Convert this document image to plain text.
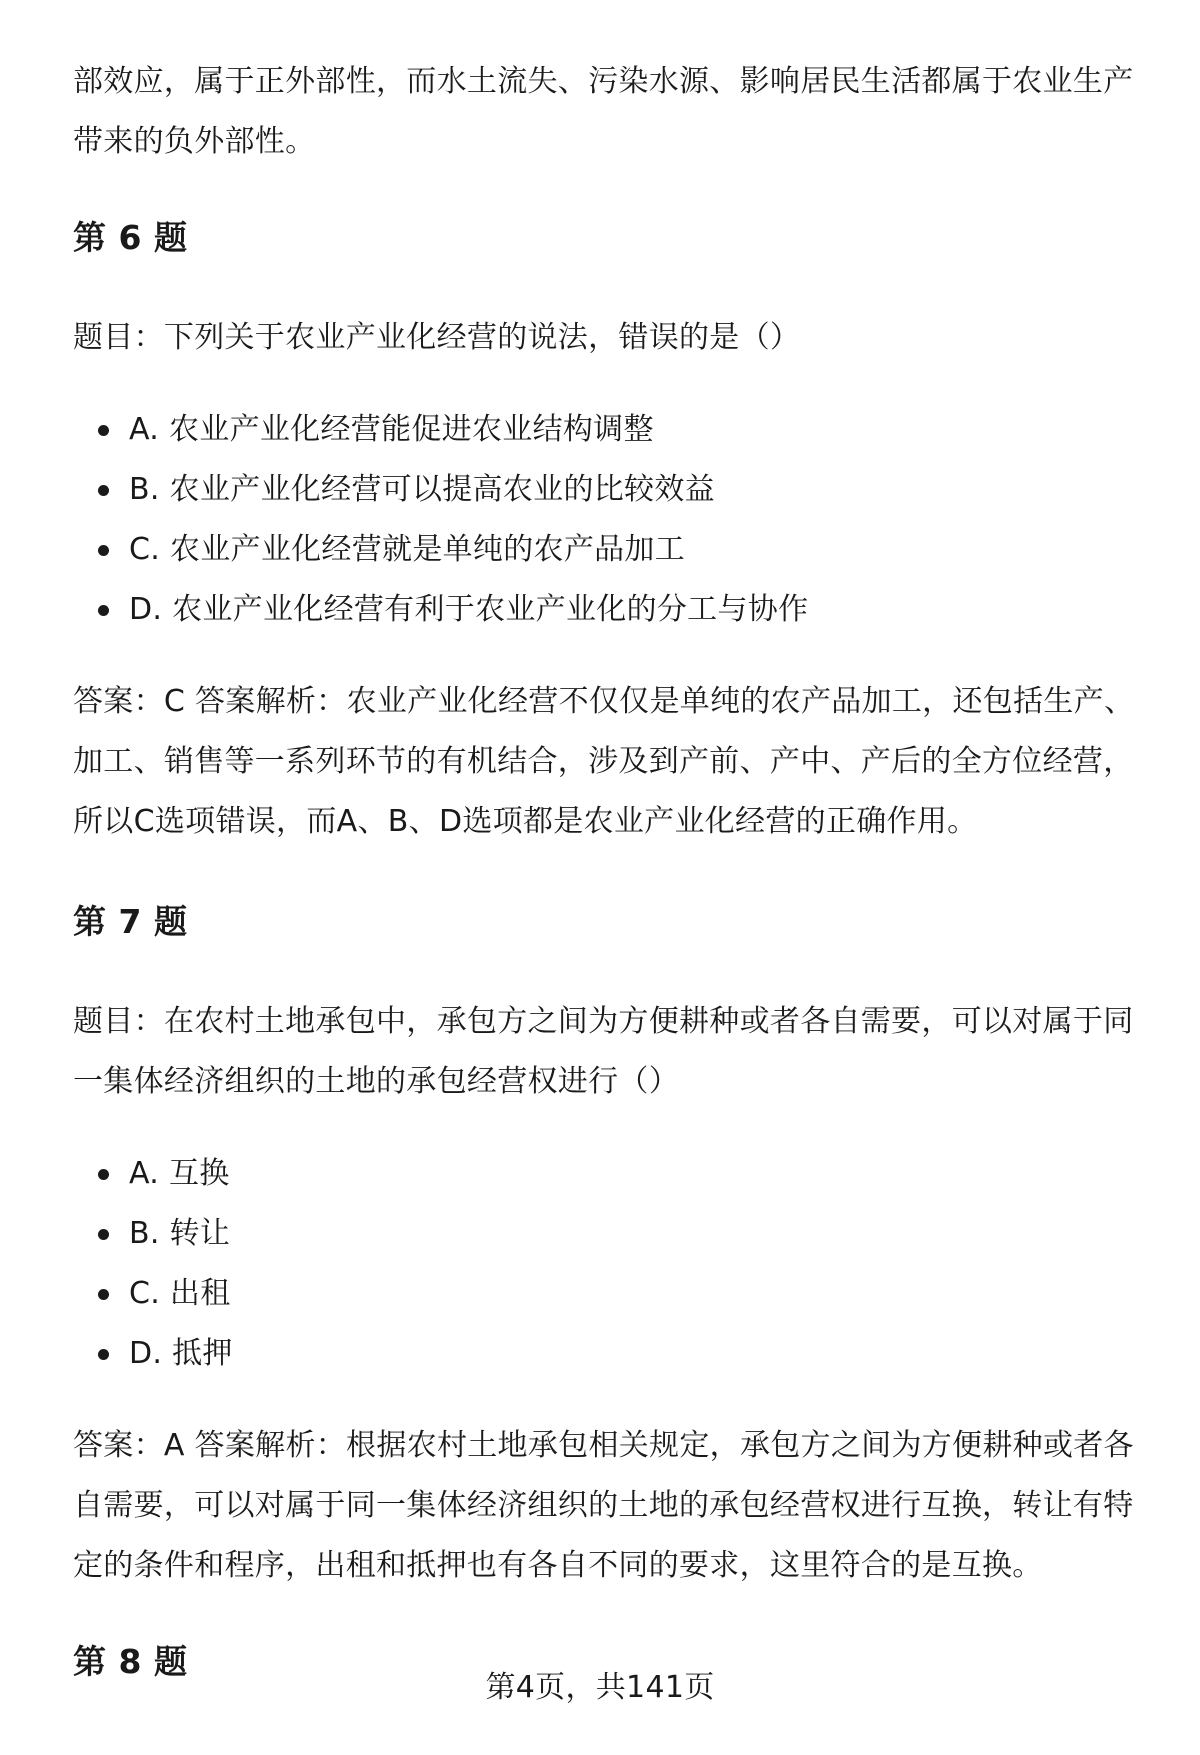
部效应，属于正外部性，而水土流失、污染水源、影响居民生活都属于农业生产带来的负外部性。

第 6 题

题目：下列关于农业产业化经营的说法，错误的是（）

A. 农业产业化经营能促进农业结构调整
B. 农业产业化经营可以提高农业的比较效益
C. 农业产业化经营就是单纯的农产品加工
D. 农业产业化经营有利于农业产业化的分工与协作

答案：C 答案解析：农业产业化经营不仅仅是单纯的农产品加工，还包括生产、加工、销售等一系列环节的有机结合，涉及到产前、产中、产后的全方位经营，所以C选项错误，而A、B、D选项都是农业产业化经营的正确作用。

第 7 题

题目：在农村土地承包中，承包方之间为方便耕种或者各自需要，可以对属于同一集体经济组织的土地的承包经营权进行（）

A. 互换
B. 转让
C. 出租
D. 抵押

答案：A 答案解析：根据农村土地承包相关规定，承包方之间为方便耕种或者各自需要，可以对属于同一集体经济组织的土地的承包经营权进行互换，转让有特定的条件和程序，出租和抵押也有各自不同的要求，这里符合的是互换。

第 8 题
第4页，共141页
